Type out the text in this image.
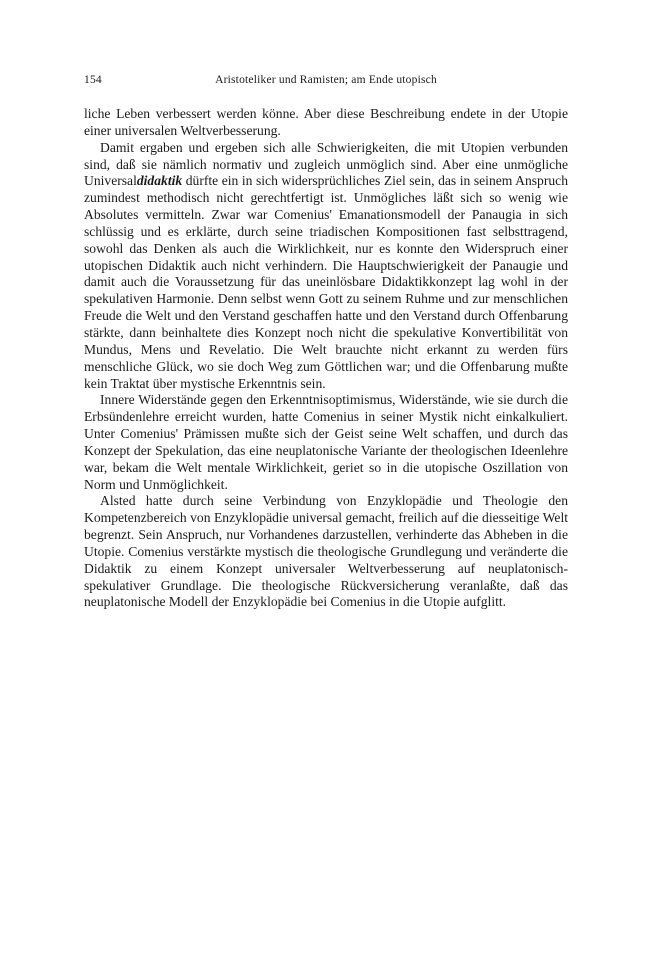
154	Aristoteliker und Ramisten; am Ende utopisch

liche Leben verbessert werden könne. Aber diese Beschreibung endete in der Utopie einer universalen Weltverbesserung.

Damit ergaben und ergeben sich alle Schwierigkeiten, die mit Utopien verbunden sind, daß sie nämlich normativ und zugleich unmöglich sind. Aber eine unmögliche Universaldidaktik dürfte ein in sich widersprüchliches Ziel sein, das in seinem Anspruch zumindest methodisch nicht gerechtfertigt ist. Unmögliches läßt sich so wenig wie Absolutes vermitteln. Zwar war Comenius' Emanationsmodell der Panaugia in sich schlüssig und es erklärte, durch seine triadischen Kompositionen fast selbsttragend, sowohl das Denken als auch die Wirklichkeit, nur es konnte den Widerspruch einer utopischen Didaktik auch nicht verhindern. Die Hauptschwierigkeit der Panaugie und damit auch die Voraussetzung für das uneinlösbare Didaktikkonzept lag wohl in der spekulativen Harmonie. Denn selbst wenn Gott zu seinem Ruhme und zur menschlichen Freude die Welt und den Verstand geschaffen hatte und den Verstand durch Offenbarung stärkte, dann beinhaltete dies Konzept noch nicht die spekulative Konvertibilität von Mundus, Mens und Revelatio. Die Welt brauchte nicht erkannt zu werden fürs menschliche Glück, wo sie doch Weg zum Göttlichen war; und die Offenbarung mußte kein Traktat über mystische Erkenntnis sein.

Innere Widerstände gegen den Erkenntnisoptimismus, Widerstände, wie sie durch die Erbsündenlehre erreicht wurden, hatte Comenius in seiner Mystik nicht einkalkuliert. Unter Comenius' Prämissen mußte sich der Geist seine Welt schaffen, und durch das Konzept der Spekulation, das eine neuplatonische Variante der theologischen Ideenlehre war, bekam die Welt mentale Wirklichkeit, geriet so in die utopische Oszillation von Norm und Unmöglichkeit.

Alsted hatte durch seine Verbindung von Enzyklopädie und Theologie den Kompetenzbereich von Enzyklopädie universal gemacht, freilich auf die diesseitige Welt begrenzt. Sein Anspruch, nur Vorhandenes darzustellen, verhinderte das Abheben in die Utopie. Comenius verstärkte mystisch die theologische Grundlegung und veränderte die Didaktik zu einem Konzept universaler Weltverbesserung auf neuplatonisch-spekulativer Grundlage. Die theologische Rückversicherung veranlaßte, daß das neuplatonische Modell der Enzyklopädie bei Comenius in die Utopie aufglitt.
